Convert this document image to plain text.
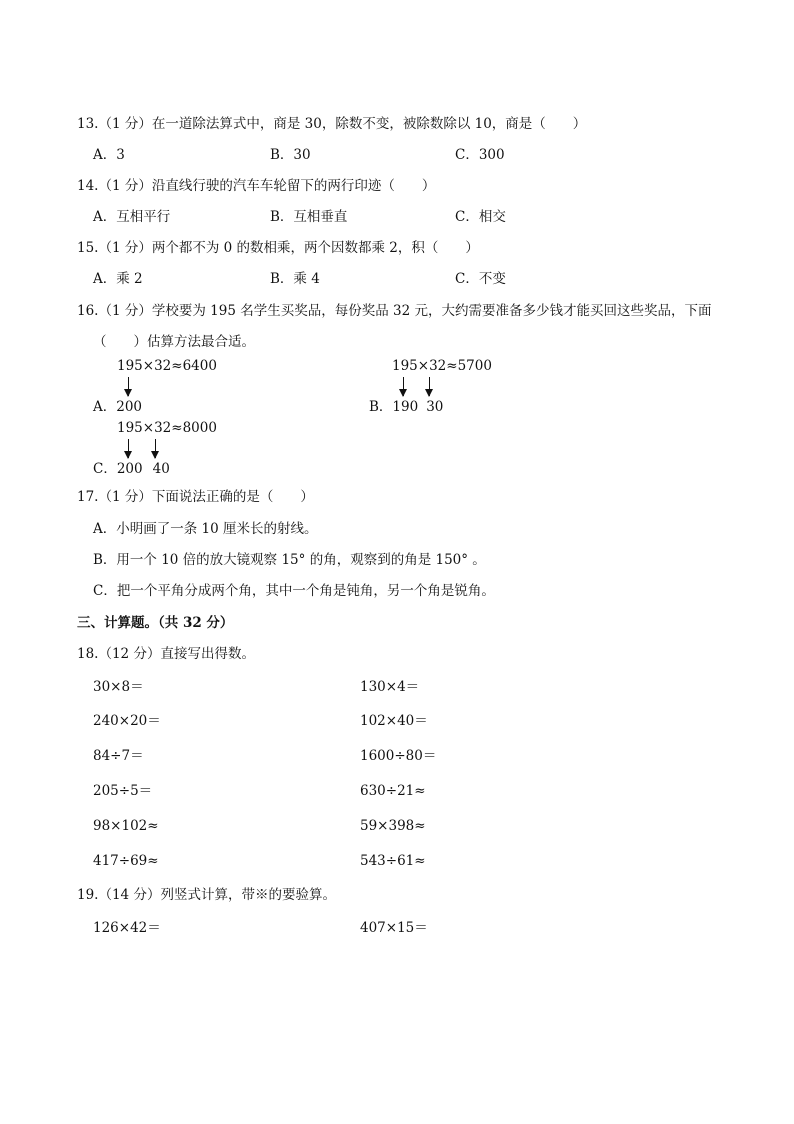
13.（1 分）在一道除法算式中，商是 30，除数不变，被除数除以 10，商是（　　）
A．3	B．30	C．300
14.（1 分）沿直线行驶的汽车车轮留下的两行印迹（　　）
A．互相平行	B．互相垂直	C．相交
15.（1 分）两个都不为 0 的数相乘，两个因数都乘 2，积（　　）
A．乘 2	B．乘 4	C．不变
16.（1 分）学校要为 195 名学生买奖品，每份奖品 32 元，大约需要准备多少钱才能买回这些奖品，下面
（　　）估算方法最合适。
195×32≈6400
A．200
195×32≈5700
B．190 30
195×32≈8000
C．200 40
17.（1 分）下面说法正确的是（　　）
A．小明画了一条 10 厘米长的射线。
B．用一个 10 倍的放大镜观察 15° 的角，观察到的角是 150° 。
C．把一个平角分成两个角，其中一个角是钝角，另一个角是锐角。
三、计算题。（共 32 分）
18.（12 分）直接写出得数。
30×8＝	130×4＝
240×20＝	102×40＝
84÷7＝	1600÷80＝
205÷5＝	630÷21≈
98×102≈	59×398≈
417÷69≈	543÷61≈
19.（14 分）列竖式计算，带※的要验算。
126×42＝	407×15＝
